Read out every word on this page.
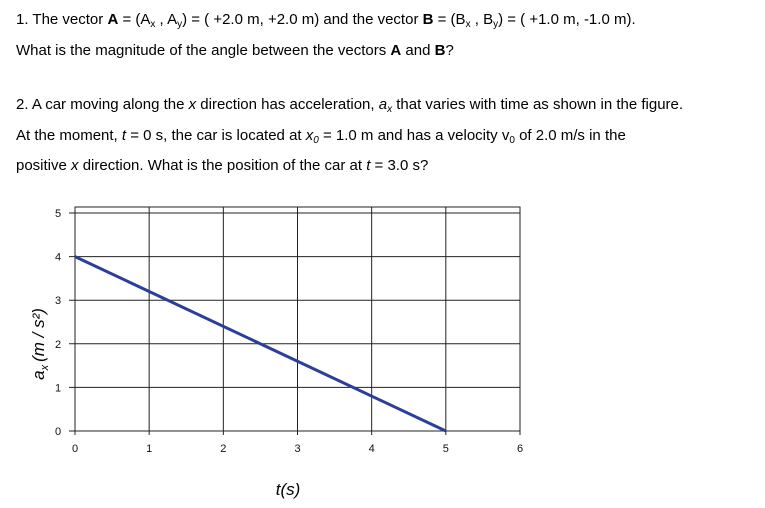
1. The vector $A = (A_x$ , $A_y$) = ( +2.0 m, +2.0 m) and the vector $B = (B_x$ , $B_y$) = ( +1.0 m, -1.0 m).
What is the magnitude of the angle between the vectors A and B?
2. A car moving along the x direction has acceleration, $a_x$ that varies with time as shown in the figure.
At the moment, t = 0 s, the car is located at $x_0 = 1.0$ m and has a velocity $v_0$ of 2.0 m/s in the
positive x direction. What is the position of the car at t = 3.0 s?
0	1	2	3	4	5	6
0
1
2
3
4
5
t(s)
$a_x(m / s^2)$
